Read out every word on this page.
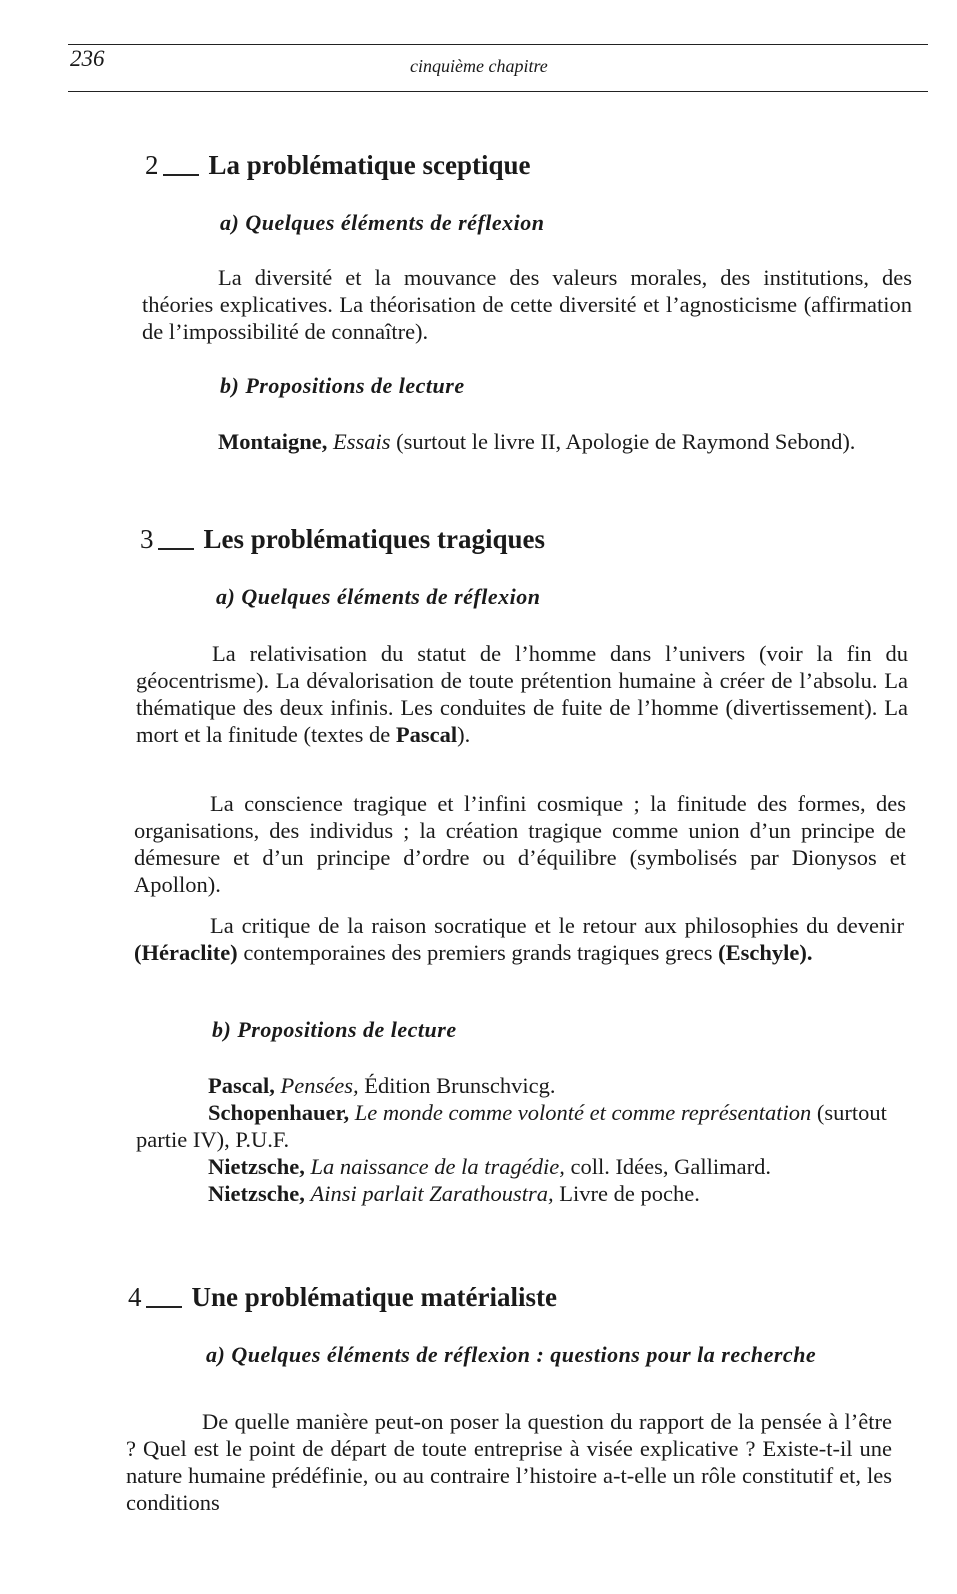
236	cinquième chapitre
2 La problématique sceptique
a) Quelques éléments de réflexion
La diversité et la mouvance des valeurs morales, des institutions, des théories explicatives. La théorisation de cette diversité et l’agnosticisme (affirmation de l’impossibilité de connaître).
b) Propositions de lecture
Montaigne, Essais (surtout le livre II, Apologie de Raymond Sebond).
3 Les problématiques tragiques
a) Quelques éléments de réflexion
La relativisation du statut de l’homme dans l’univers (voir la fin du géocentrisme). La dévalorisation de toute prétention humaine à créer de l’absolu. La thématique des deux infinis. Les conduites de fuite de l’homme (divertissement). La mort et la finitude (textes de Pascal).
La conscience tragique et l’infini cosmique ; la finitude des formes, des organisations, des individus ; la création tragique comme union d’un principe de démesure et d’un principe d’ordre ou d’équilibre (symbolisés par Dionysos et Apollon).
La critique de la raison socratique et le retour aux philosophies du devenir (Héraclite) contemporaines des premiers grands tragiques grecs (Eschyle).
b) Propositions de lecture
Pascal, Pensées, Édition Brunschvicg.
Schopenhauer, Le monde comme volonté et comme représentation (surtout partie IV), P.U.F.
Nietzsche, La naissance de la tragédie, coll. Idées, Gallimard.
Nietzsche, Ainsi parlait Zarathoustra, Livre de poche.
4 Une problématique matérialiste
a) Quelques éléments de réflexion : questions pour la recherche
De quelle manière peut-on poser la question du rapport de la pensée à l’être ? Quel est le point de départ de toute entreprise à visée explicative ? Existe-t-il une nature humaine prédéfinie, ou au contraire l’histoire a-t-elle un rôle constitutif et, les conditions
